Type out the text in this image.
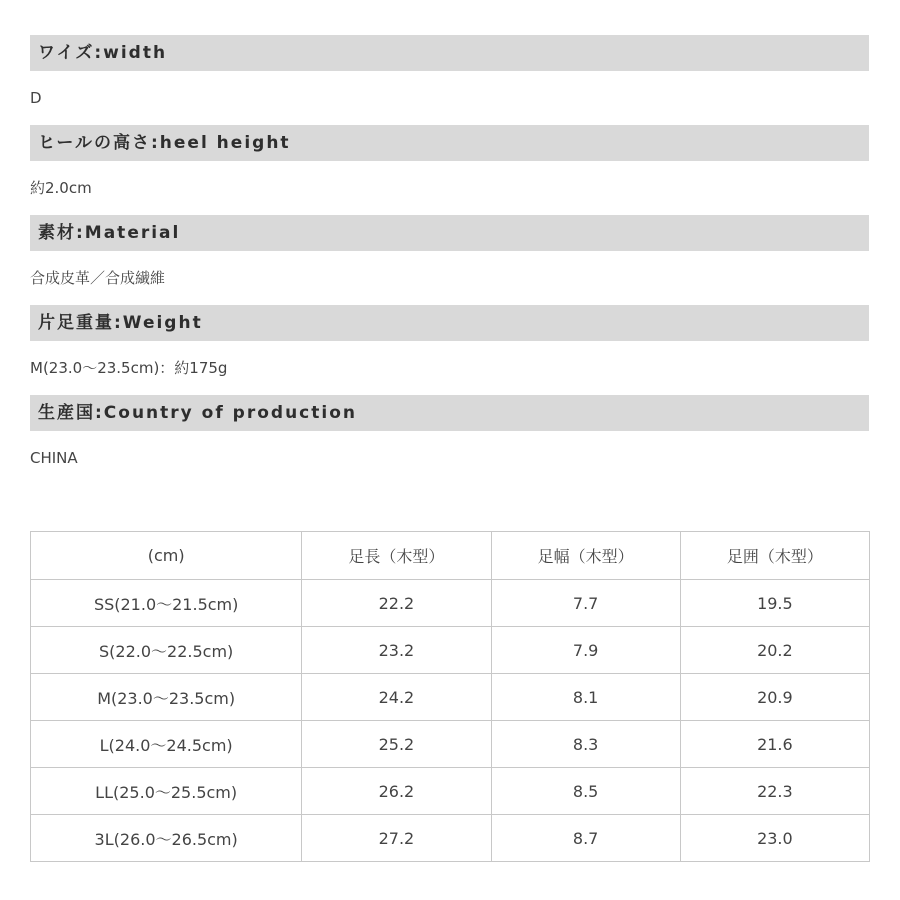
ワイズ:width
D
ヒールの高さ:heel height
約2.0cm
素材:Material
合成皮革／合成繊維
片足重量:Weight
M(23.0～23.5cm)：約175g
生産国:Country of production
CHINA
(cm)	足長（木型）	足幅（木型）	足囲（木型）
SS(21.0～21.5cm)	22.2	7.7	19.5
S(22.0～22.5cm)	23.2	7.9	20.2
M(23.0～23.5cm)	24.2	8.1	20.9
L(24.0～24.5cm)	25.2	8.3	21.6
LL(25.0～25.5cm)	26.2	8.5	22.3
3L(26.0～26.5cm)	27.2	8.7	23.0
